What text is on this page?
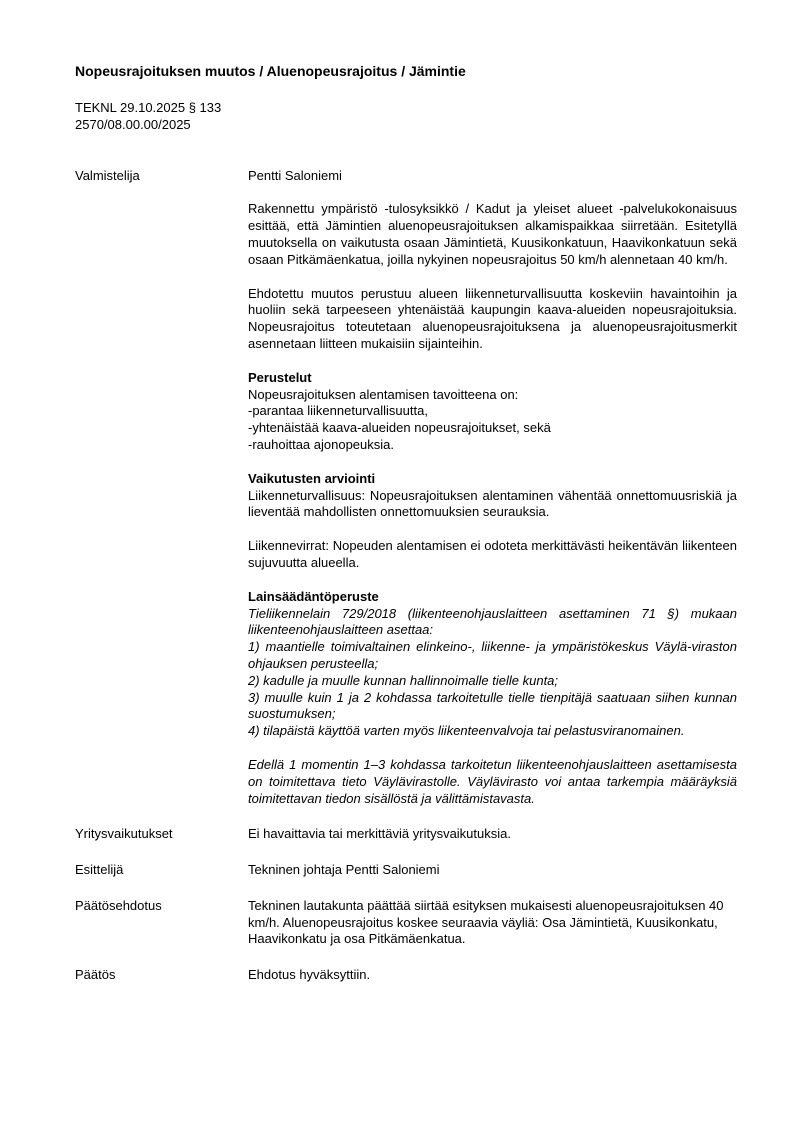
Nopeusrajoituksen muutos / Aluenopeusrajoitus / Jämintie
TEKNL 29.10.2025 § 133
2570/08.00.00/2025
Valmistelija	Pentti Saloniemi

Rakennettu ympäristö -tulosyksikkö / Kadut ja yleiset alueet -palvelukokonaisuus esittää, että Jämintien aluenopeusrajoituksen alkamispaikkaa siirretään. Esitetyllä muutoksella on vaikutusta osaan Jämintietä, Kuusikonkatuun, Haavikonkatuun sekä osaan Pitkämäenkatua, joilla nykyinen nopeusrajoitus 50 km/h alennetaan 40 km/h.

Ehdotettu muutos perustuu alueen liikenneturvallisuutta koskeviin havaintoihin ja huoliin sekä tarpeeseen yhtenäistää kaupungin kaava-alueiden nopeusrajoituksia. Nopeusrajoitus toteutetaan aluenopeusrajoituksena ja aluenopeusrajoitusmerkit asennetaan liitteen mukaisiin sijainteihin.

Perustelut
Nopeusrajoituksen alentamisen tavoitteena on:
-parantaa liikenneturvallisuutta,
-yhtenäistää kaava-alueiden nopeusrajoitukset, sekä
-rauhoittaa ajonopeuksia.
Vaikutusten arviointi

Liikenneturvallisuus: Nopeusrajoituksen alentaminen vähentää onnettomuusriskiä ja lieventää mahdollisten onnettomuuksien seurauksia.

Liikennevirrat: Nopeuden alentamisen ei odoteta merkittävästi heikentävän liikenteen sujuvuutta alueella.

Lainsäädäntöperuste
Tieliikennelain 729/2018 (liikenteenohjauslaitteen asettaminen 71 §) mukaan liikenteenohjauslaitteen asettaa:
1) maantielle toimivaltainen elinkeino-, liikenne- ja ympäristökeskus Väylä-viraston ohjauksen perusteella;
2) kadulle ja muulle kunnan hallinnoimalle tielle kunta;
3) muulle kuin 1 ja 2 kohdassa tarkoitetulle tielle tienpitäjä saatuaan siihen kunnan suostumuksen;
4) tilapäistä käyttöä varten myös liikenteenvalvoja tai pelastusviranomainen.

Edellä 1 momentin 1–3 kohdassa tarkoitetun liikenteenohjauslaitteen asettamisesta on toimitettava tieto Väylävirastolle. Väylävirasto voi antaa tarkempia määräyksiä toimitettavan tiedon sisällöstä ja välittämistavasta.

Yritysvaikutukset	Ei havaittavia tai merkittäviä yritysvaikutuksia.

Esittelijä	Tekninen johtaja Pentti Saloniemi

Päätösehdotus	Tekninen lautakunta päättää siirtää esityksen mukaisesti aluenopeusrajoituksen 40 km/h. Aluenopeusrajoitus koskee seuraavia väyliä: Osa Jämintietä, Kuusikonkatu, Haavikonkatu ja osa Pitkämäenkatua.

Päätös	Ehdotus hyväksyttiin.
